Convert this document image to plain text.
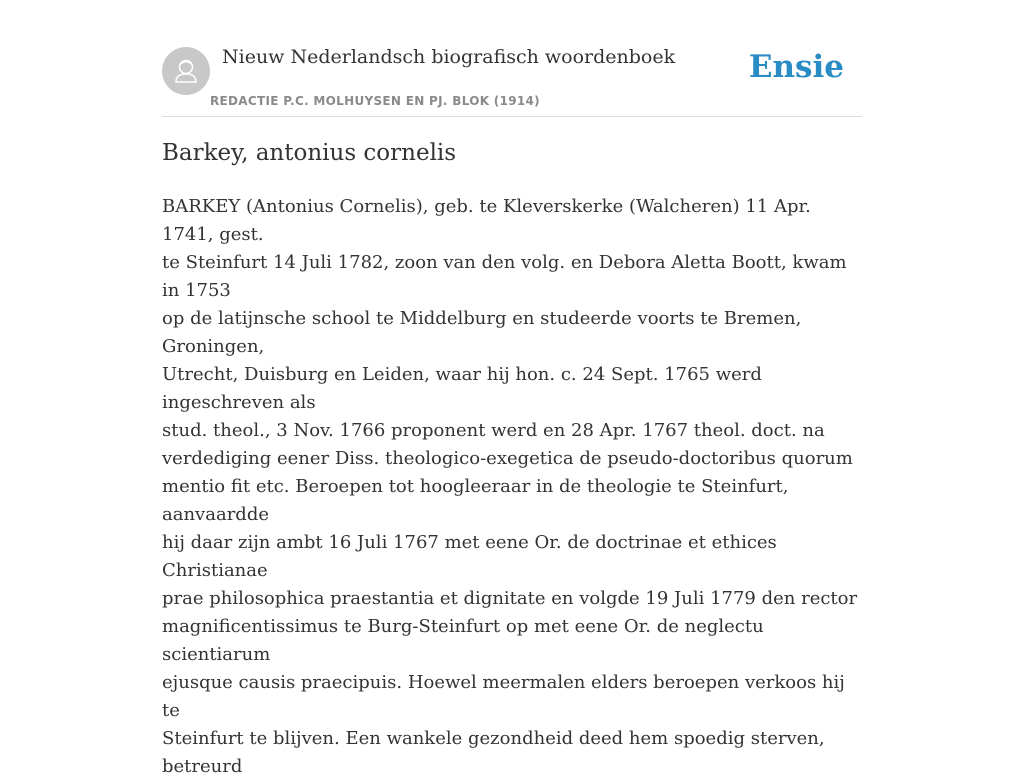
Nieuw Nederlandsch biografisch woordenboek
REDACTIE P.C. MOLHUYSEN EN PJ. BLOK (1914)
Ensie
Barkey, antonius cornelis

BARKEY (Antonius Cornelis), geb. te Kleverskerke (Walcheren) 11 Apr. 1741, gest.
te Steinfurt 14 Juli 1782, zoon van den volg. en Debora Aletta Boott, kwam in 1753
op de latijnsche school te Middelburg en studeerde voorts te Bremen, Groningen,
Utrecht, Duisburg en Leiden, waar hij hon. c. 24 Sept. 1765 werd ingeschreven als
stud. theol., 3 Nov. 1766 proponent werd en 28 Apr. 1767 theol. doct. na
verdediging eener Diss. theologico-exegetica de pseudo-doctoribus quorum
mentio fit etc. Beroepen tot hoogleeraar in de theologie te Steinfurt, aanvaardde
hij daar zijn ambt 16 Juli 1767 met eene Or. de doctrinae et ethices Christianae
prae philosophica praestantia et dignitate en volgde 19 Juli 1779 den rector
magnificentissimus te Burg-Steinfurt op met eene Or. de neglectu scientiarum
ejusque causis praecipuis. Hoewel meermalen elders beroepen verkoos hij te
Steinfurt te blijven. Een wankele gezondheid deed hem spoedig sterven, betreurd
